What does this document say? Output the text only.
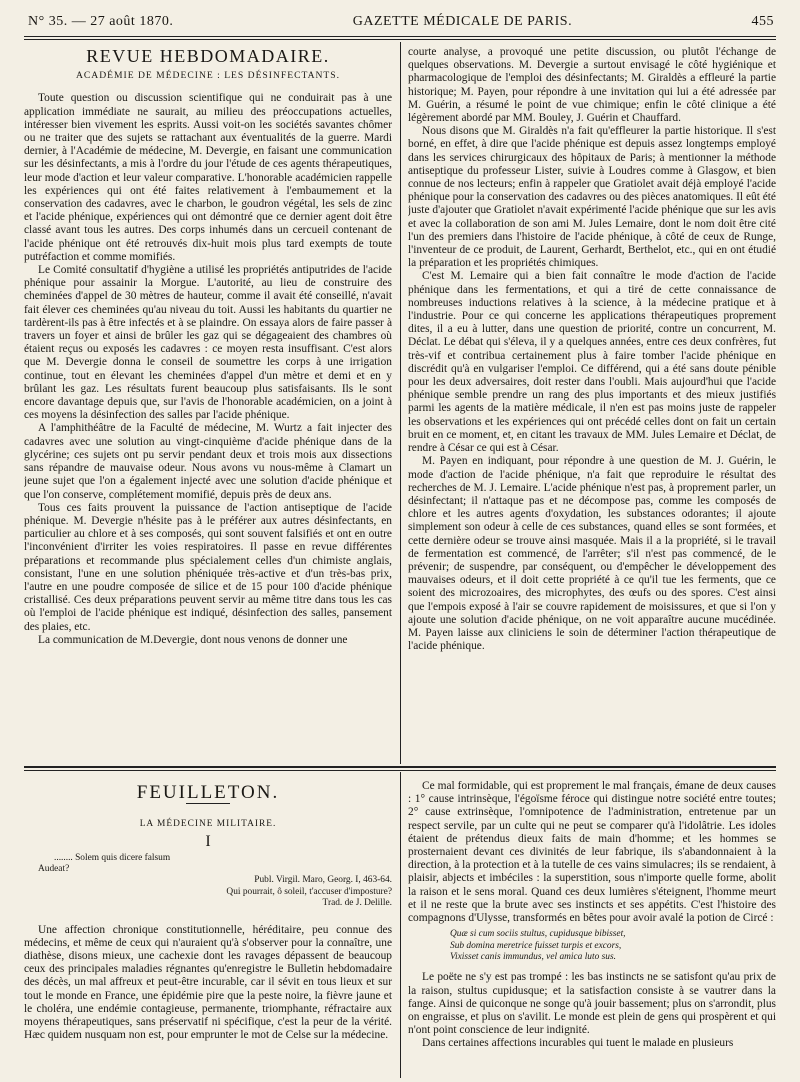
N° 35. — 27 août 1870.	GAZETTE MÉDICALE DE PARIS.	455
REVUE HEBDOMADAIRE.
ACADÉMIE DE MÉDECINE : LES DÉSINFECTANTS.

Toute question ou discussion scientifique qui ne conduirait pas à une application immédiate ne saurait, au milieu des préoccupations actuelles, intéresser bien vivement les esprits. Aussi voit-on les sociétés savantes chômer ou ne traiter que des sujets se rattachant aux éventualités de la guerre. Mardi dernier, à l'Académie de médecine, M. Devergie, en faisant une communication sur les désinfectants, a mis à l'ordre du jour l'étude de ces agents thérapeutiques, leur mode d'action et leur valeur comparative. L'honorable académicien rappelle les expériences qui ont été faites relativement à l'embaumement et la conservation des cadavres, avec le charbon, le goudron végétal, les sels de zinc et l'acide phénique, expériences qui ont démontré que ce dernier agent doit être classé avant tous les autres. Des corps inhumés dans un cercueil contenant de l'acide phénique ont été retrouvés dix-huit mois plus tard exempts de toute putréfaction et comme momifiés.

Le Comité consultatif d'hygiène a utilisé les propriétés antiputrides de l'acide phénique pour assainir la Morgue. L'autorité, au lieu de construire des cheminées d'appel de 30 mètres de hauteur, comme il avait été conseillé, n'avait fait élever ces cheminées qu'au niveau du toit. Aussi les habitants du quartier ne tardèrent-ils pas à être infectés et à se plaindre. On essaya alors de faire passer à travers un foyer et ainsi de brûler les gaz qui se dégageaient des chambres où étaient reçus ou exposés les cadavres : ce moyen resta insuffisant. C'est alors que M. Devergie donna le conseil de soumettre les corps à une irrigation continue, tout en élevant les cheminées d'appel d'un mètre et demi et en y brûlant les gaz. Les résultats furent beaucoup plus satisfaisants. Ils le sont encore davantage depuis que, sur l'avis de l'honorable académicien, on a joint à ces moyens la désinfection des salles par l'acide phénique.

A l'amphithéâtre de la Faculté de médecine, M. Wurtz a fait injecter des cadavres avec une solution au vingt-cinquième d'acide phénique dans de la glycérine; ces sujets ont pu servir pendant deux et trois mois aux dissections sans répandre de mauvaise odeur. Nous avons vu nous-même à Clamart un jeune sujet que l'on a également injecté avec une solution d'acide phénique et que l'on conserve, complétement momifié, depuis près de deux ans.

Tous ces faits prouvent la puissance de l'action antiseptique de l'acide phénique. M. Devergie n'hésite pas à le préférer aux autres désinfectants, en particulier au chlore et à ses composés, qui sont souvent falsifiés et ont en outre l'inconvénient d'irriter les voies respiratoires. Il passe en revue différentes préparations et recommande plus spécialement celles d'un chimiste anglais, consistant, l'une en une solution phéniquée très-active et d'un très-bas prix, l'autre en une poudre composée de silice et de 15 pour 100 d'acide phénique cristallisé. Ces deux préparations peuvent servir au même titre dans tous les cas où l'emploi de l'acide phénique est indiqué, désinfection des salles, pansement des plaies, etc.

La communication de M.Devergie, dont nous venons de donner une

courte analyse, a provoqué une petite discussion, ou plutôt l'échange de quelques observations. M. Devergie a surtout envisagé le côté hygiénique et pharmacologique de l'emploi des désinfectants; M. Giraldès a effleuré la partie historique; M. Payen, pour répondre à une invitation qui lui a été adressée par M. Guérin, a résumé le point de vue chimique; enfin le côté clinique a été légèrement abordé par MM. Bouley, J. Guérin et Chauffard.

Nous disons que M. Giraldès n'a fait qu'effleurer la partie historique. Il s'est borné, en effet, à dire que l'acide phénique est depuis assez longtemps employé dans les services chirurgicaux des hôpitaux de Paris; à mentionner la méthode antiseptique du professeur Lister, suivie à Loudres comme à Glasgow, et bien connue de nos lecteurs; enfin à rappeler que Gratiolet avait déjà employé l'acide phénique pour la conservation des cadavres ou des pièces anatomiques. Il eût été juste d'ajouter que Gratiolet n'avait expérimenté l'acide phénique que sur les avis et avec la collaboration de son ami M. Jules Lemaire, dont le nom doit être cité l'un des premiers dans l'histoire de l'acide phénique, à côté de ceux de Runge, l'inventeur de ce produit, de Laurent, Gerhardt, Berthelot, etc., qui en ont étudié la préparation et les propriétés chimiques.

C'est M. Lemaire qui a bien fait connaître le mode d'action de l'acide phénique dans les fermentations, et qui a tiré de cette connaissance de nombreuses inductions relatives à la science, à la médecine pratique et à l'industrie. Pour ce qui concerne les applications thérapeutiques proprement dites, il a eu à lutter, dans une question de priorité, contre un concurrent, M. Déclat. Le débat qui s'éleva, il y a quelques années, entre ces deux confrères, fut très-vif et contribua certainement plus à faire tomber l'acide phénique en discrédit qu'à en vulgariser l'emploi. Ce différend, qui a été sans doute pénible pour les deux adversaires, doit rester dans l'oubli. Mais aujourd'hui que l'acide phénique semble prendre un rang des plus importants et des mieux justifiés parmi les agents de la matière médicale, il n'en est pas moins juste de rappeler les observations et les expériences qui ont précédé celles dont on fait un certain bruit en ce moment, et, en citant les travaux de MM. Jules Lemaire et Déclat, de rendre à César ce qui est à César.

M. Payen en indiquant, pour répondre à une question de M. J. Guérin, le mode d'action de l'acide phénique, n'a fait que reproduire le résultat des recherches de M. J. Lemaire. L'acide phénique n'est pas, à proprement parler, un désinfectant; il n'attaque pas et ne décompose pas, comme les composés de chlore et les autres agents d'oxydation, les substances odorantes; il ajoute simplement son odeur à celle de ces substances, quand elles se sont formées, et cette dernière odeur se trouve ainsi masquée. Mais il a la propriété, si le travail de fermentation est commencé, de l'arrêter; s'il n'est pas commencé, de le prévenir; de suspendre, par conséquent, ou d'empêcher le développement des mauvaises odeurs, et il doit cette propriété à ce qu'il tue les ferments, que ce soient des microzoaires, des microphytes, des œufs ou des spores. C'est ainsi que l'empois exposé à l'air se couvre rapidement de moisissures, et que si l'on y ajoute une solution d'acide phénique, on ne voit apparaître aucune mucédinée. M. Payen laisse aux cliniciens le soin de déterminer l'action thérapeutique de l'acide phénique.

FEUILLETON.
LA MÉDECINE MILITAIRE.
I
........ Solem quis dicere falsum
Audeat?
Publ. Virgil. Maro, Georg. I, 463-64.
Qui pourrait, ô soleil, t'accuser d'imposture?
Trad. de J. Delille.

Une affection chronique constitutionnelle, héréditaire, peu connue des médecins, et même de ceux qui n'auraient qu'à s'observer pour la connaître, une diathèse, disons mieux, une cachexie dont les ravages dépassent de beaucoup ceux des principales maladies régnantes qu'enregistre le Bulletin hebdomadaire des décès, un mal affreux et peut-être incurable, car il sévit en tous lieux et sur tout le monde en France, une épidémie pire que la peste noire, la fièvre jaune et le choléra, une endémie contagieuse, permanente, triomphante, réfractaire aux moyens thérapeutiques, sans préservatif ni spécifique, c'est la peur de la vérité. Hæc quidem nusquam non est, pour emprunter le mot de Celse sur la médecine.

Ce mal formidable, qui est proprement le mal français, émane de deux causes : 1° cause intrinsèque, l'égoïsme féroce qui distingue notre société entre toutes; 2° cause extrinsèque, l'omnipotence de l'administration, entretenue par un respect servile, par un culte qui ne peut se comparer qu'à l'idolâtrie. Les idoles étaient de prétendus dieux faits de main d'homme; et les hommes se prosternaient devant ces divinités de leur fabrique, ils s'abandonnaient à la direction, à la protection et à la tutelle de ces vains simulacres; ils se rendaient, à plaisir, abjects et imbéciles : la superstition, sous n'importe quelle forme, abolit la raison et le sens moral. Quand ces deux lumières s'éteignent, l'homme meurt et il ne reste que la brute avec ses instincts et ses appétits. C'est l'histoire des compagnons d'Ulysse, transformés en bêtes pour avoir avalé la potion de Circé :

Quæ si cum sociis stultus, cupidusque bibisset,
Sub domina meretrice fuisset turpis et excors,
Vixisset canis immundus, vel amica luto sus.

Le poëte ne s'y est pas trompé : les bas instincts ne se satisfont qu'au prix de la raison, stultus cupidusque; et la satisfaction consiste à se vautrer dans la fange. Ainsi de quiconque ne songe qu'à jouir bassement; plus on s'arrondit, plus on engraisse, et plus on s'avilit. Le monde est plein de gens qui prospèrent et qui n'ont point conscience de leur indignité.

Dans certaines affections incurables qui tuent le malade en plusieurs
